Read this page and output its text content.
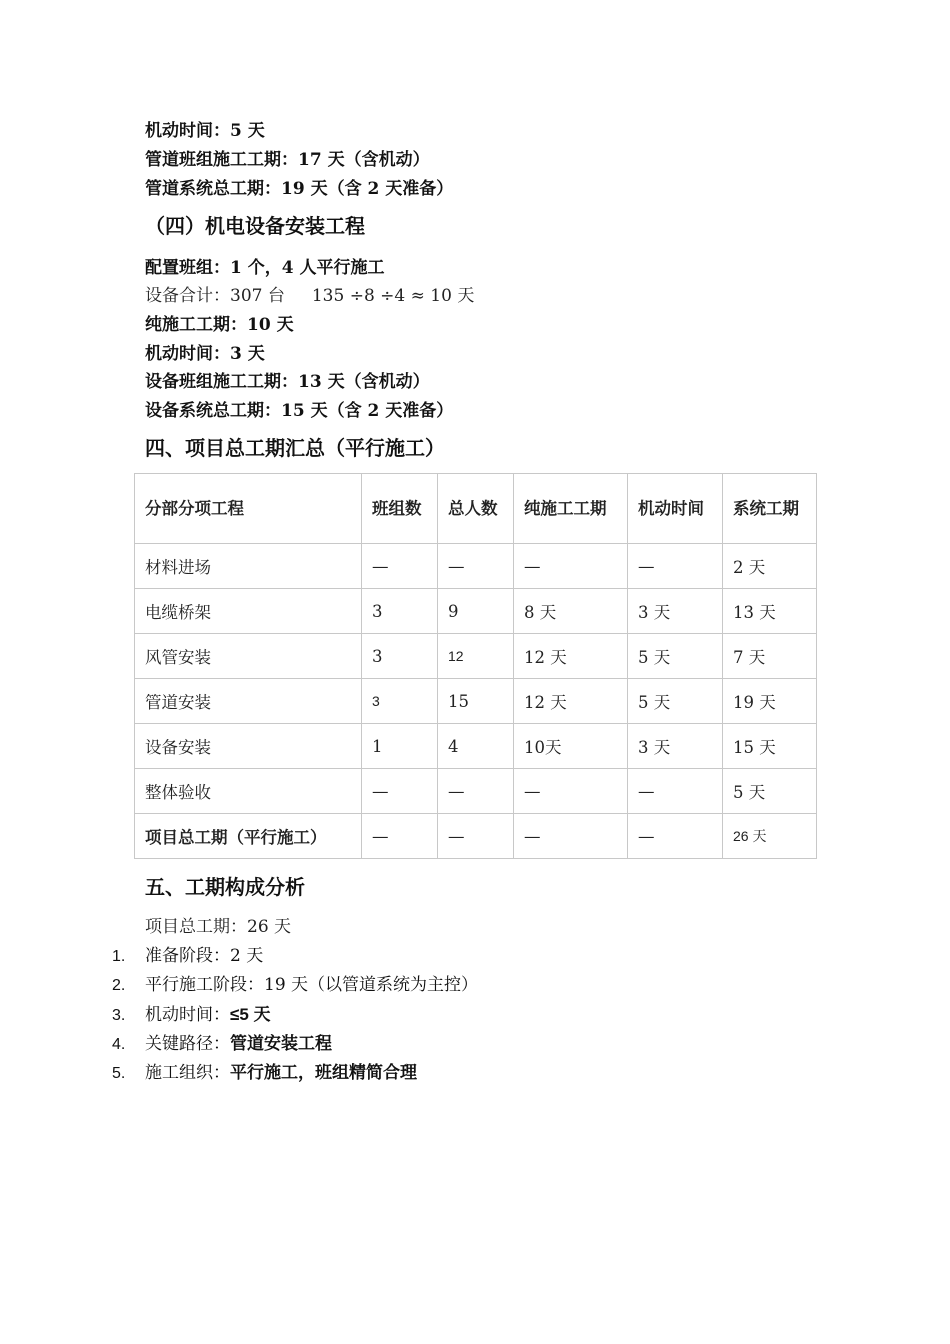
机动时间：5 天
管道班组施工工期：17 天（含机动）
管道系统总工期：19 天（含 2 天准备）
（四）机电设备安装工程
配置班组：1 个，4 人平行施工
设备合计：307 台     135 ÷8 ÷4 ≈ 10 天
纯施工工期：10 天
机动时间：3 天
设备班组施工工期：13 天（含机动）
设备系统总工期：15 天（含 2 天准备）
四、项目总工期汇总（平行施工）
分部分项工程	班组数	总人数	纯施工工期	机动时间	系统工期
材料进场	—	—	—	—	2 天
电缆桥架	3	9	8 天	3 天	13 天
风管安装	3	12	12 天	5 天	7 天
管道安装	3	15	12 天	5 天	19 天
设备安装	1	4	10天	3 天	15 天
整体验收	—	—	—	—	5 天
项目总工期（平行施工）	—	—	—	—	26 天
五、工期构成分析
项目总工期：26 天
1. 准备阶段：2 天
2. 平行施工阶段：19 天（以管道系统为主控）
3. 机动时间：≤5 天
4. 关键路径：管道安装工程
5. 施工组织：平行施工，班组精简合理
